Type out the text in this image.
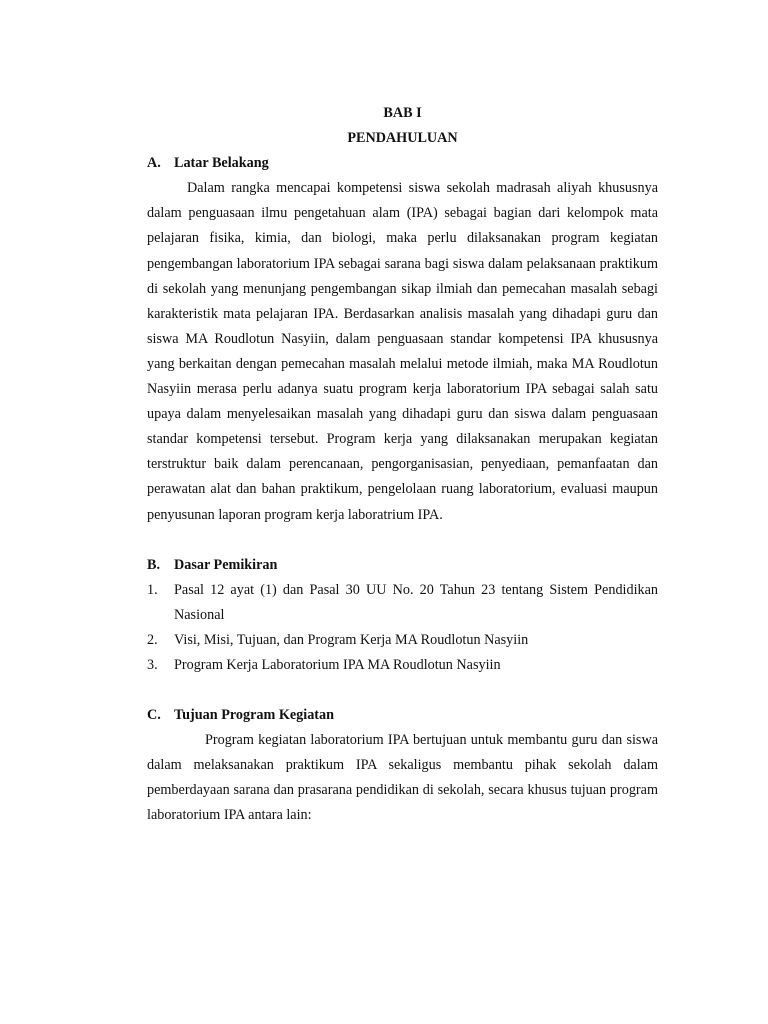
BAB I
PENDAHULUAN
A. Latar Belakang

Dalam rangka mencapai kompetensi siswa sekolah madrasah aliyah khususnya dalam penguasaan ilmu pengetahuan alam (IPA) sebagai bagian dari kelompok mata pelajaran fisika, kimia, dan biologi, maka perlu dilaksanakan program kegiatan pengembangan laboratorium IPA sebagai sarana bagi siswa dalam pelaksanaan praktikum di sekolah yang menunjang pengembangan sikap ilmiah dan pemecahan masalah sebagi karakteristik mata pelajaran IPA. Berdasarkan analisis masalah yang dihadapi guru dan siswa MA Roudlotun Nasyiin, dalam penguasaan standar kompetensi IPA khususnya yang berkaitan dengan pemecahan masalah melalui metode ilmiah, maka MA Roudlotun Nasyiin merasa perlu adanya suatu program kerja laboratorium IPA sebagai salah satu upaya dalam menyelesaikan masalah yang dihadapi guru dan siswa dalam penguasaan standar kompetensi tersebut. Program kerja yang dilaksanakan merupakan kegiatan terstruktur baik dalam perencanaan, pengorganisasian, penyediaan, pemanfaatan dan perawatan alat dan bahan praktikum, pengelolaan ruang laboratorium, evaluasi maupun penyusunan laporan program kerja laboratrium IPA.

B. Dasar Pemikiran
1. Pasal 12 ayat (1) dan Pasal 30 UU No. 20 Tahun 23 tentang Sistem Pendidikan Nasional
2. Visi, Misi, Tujuan, dan Program Kerja MA Roudlotun Nasyiin
3. Program Kerja Laboratorium IPA MA Roudlotun Nasyiin
C. Tujuan Program Kegiatan

Program kegiatan laboratorium IPA bertujuan untuk membantu guru dan siswa dalam melaksanakan praktikum IPA sekaligus membantu pihak sekolah dalam pemberdayaan sarana dan prasarana pendidikan di sekolah, secara khusus tujuan program laboratorium IPA antara lain:
